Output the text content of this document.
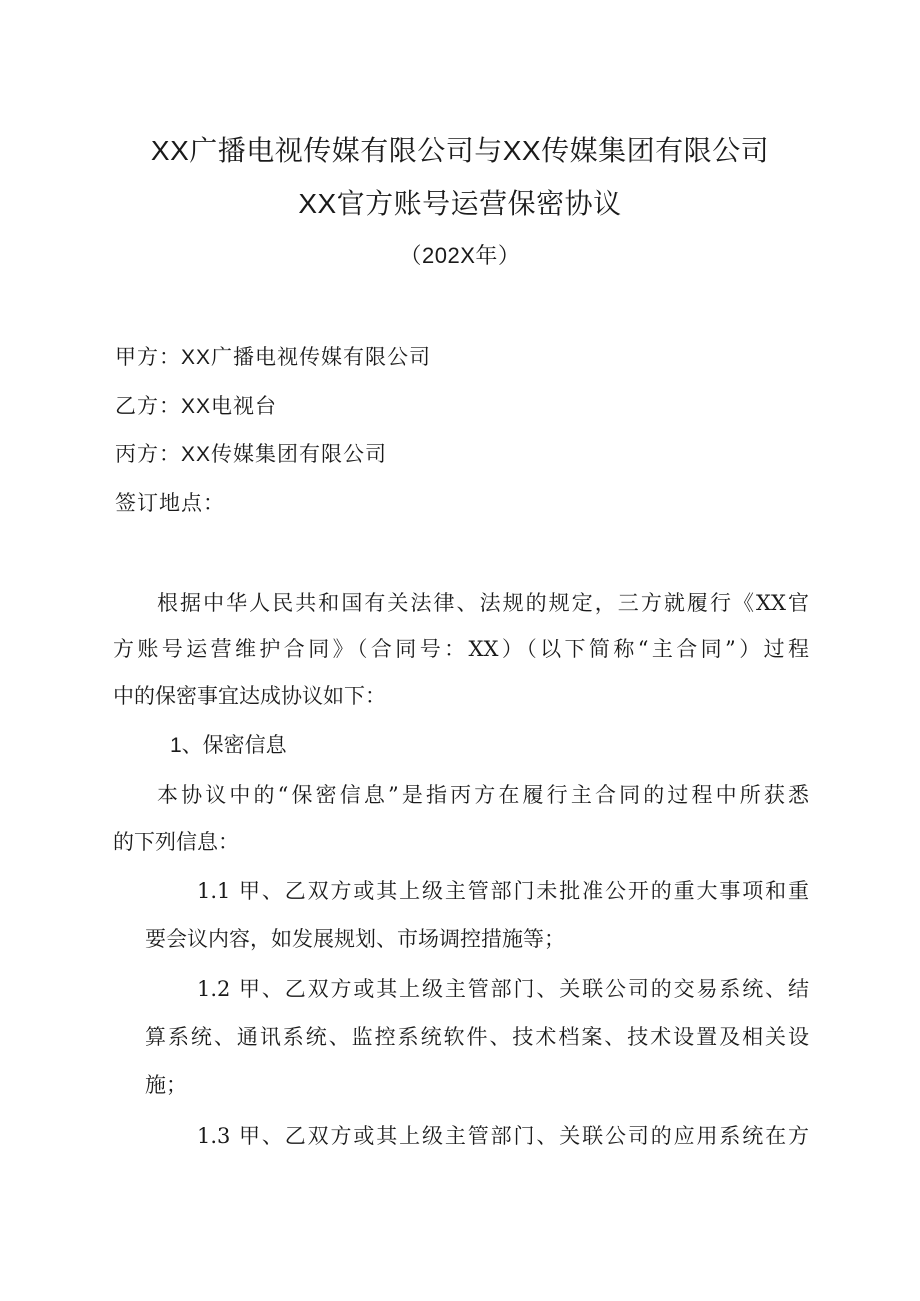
XX广播电视传媒有限公司与XX传媒集团有限公司
XX官方账号运营保密协议
（202X年）
甲方：XX广播电视传媒有限公司
乙方：XX电视台
丙方：XX传媒集团有限公司
签订地点：
根据中华人民共和国有关法律、法规的规定，三方就履行《XX官
方账号运营维护合同》（合同号：XX）（以下简称“主合同”）过程
中的保密事宜达成协议如下：
1、保密信息
本协议中的“保密信息”是指丙方在履行主合同的过程中所获悉
的下列信息：
1.1 甲、乙双方或其上级主管部门未批准公开的重大事项和重
要会议内容，如发展规划、市场调控措施等；
1.2 甲、乙双方或其上级主管部门、关联公司的交易系统、结
算系统、通讯系统、监控系统软件、技术档案、技术设置及相关设
施；
1.3 甲、乙双方或其上级主管部门、关联公司的应用系统在方
